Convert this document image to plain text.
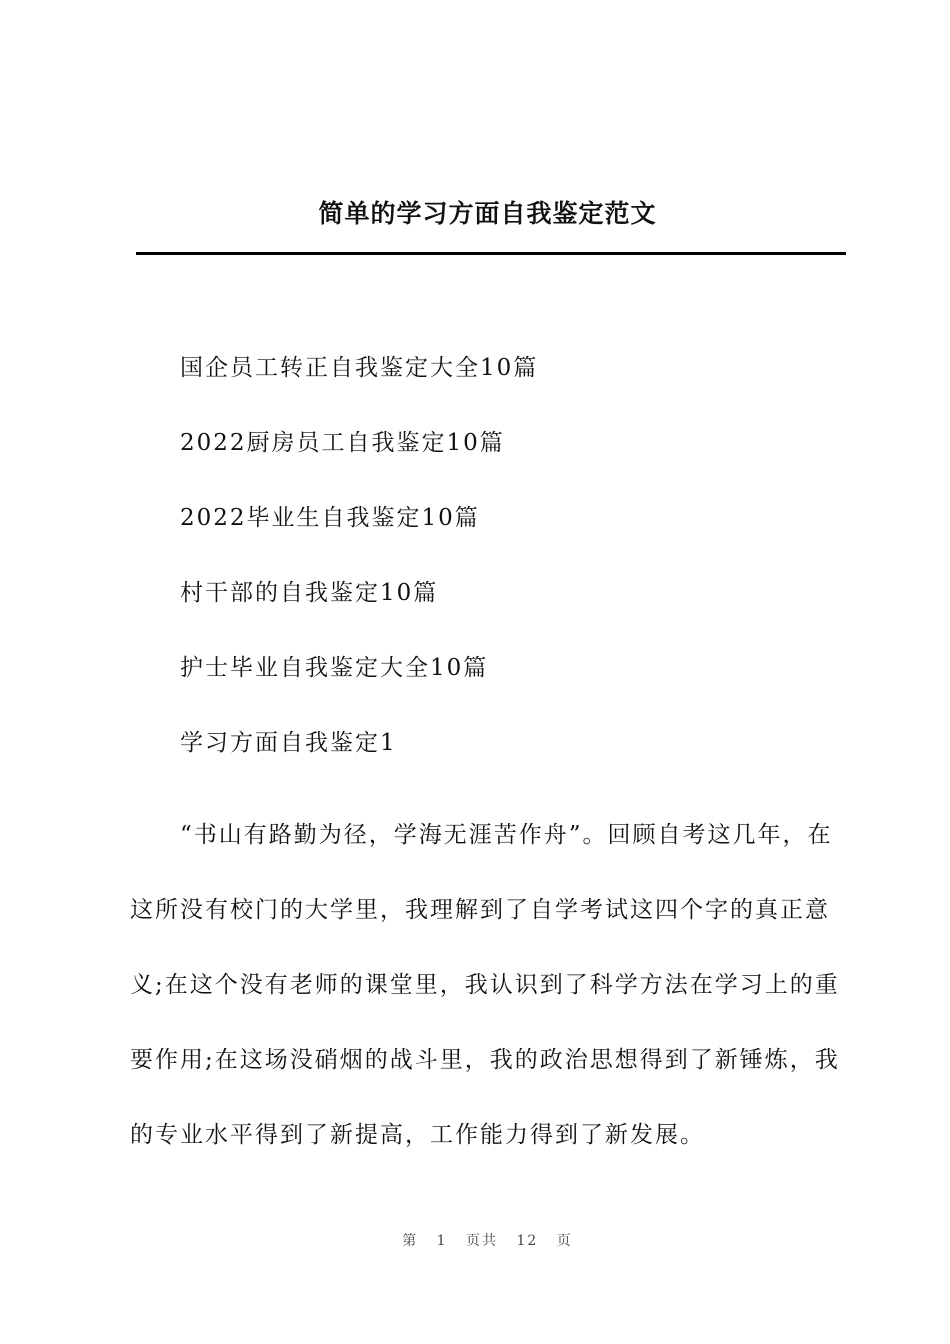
简单的学习方面自我鉴定范文
国企员工转正自我鉴定大全10篇
2022厨房员工自我鉴定10篇
2022毕业生自我鉴定10篇
村干部的自我鉴定10篇
护士毕业自我鉴定大全10篇
学习方面自我鉴定1

“书山有路勤为径，学海无涯苦作舟”。回顾自考这几年，在这所没有校门的大学里，我理解到了自学考试这四个字的真正意义;在这个没有老师的课堂里，我认识到了科学方法在学习上的重要作用;在这场没硝烟的战斗里，我的政治思想得到了新锤炼，我的专业水平得到了新提高，工作能力得到了新发展。

第 1 页共 12 页
